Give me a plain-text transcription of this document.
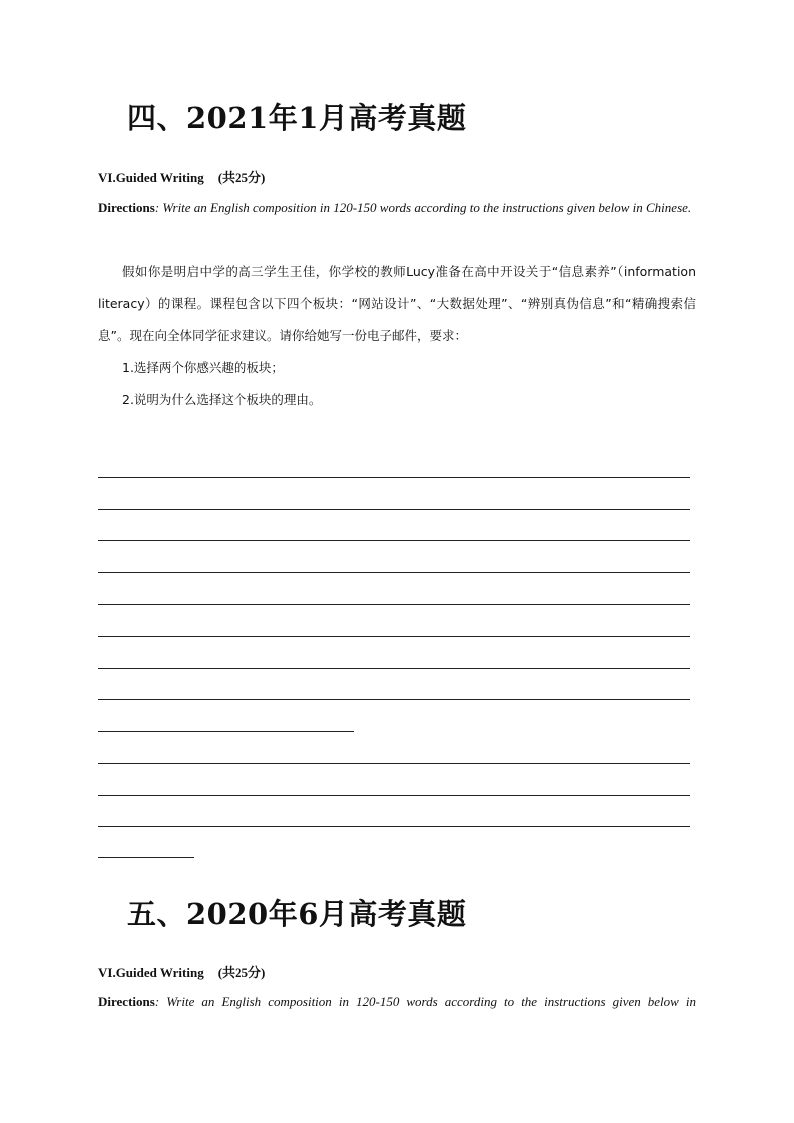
四、2021年1月高考真题
VI.Guided Writing (共25分)
Directions: Write an English composition in 120-150 words according to the instructions given below in Chinese.

假如你是明启中学的高三学生王佳，你学校的教师Lucy准备在高中开设关于“信息素养”（information literacy）的课程。课程包含以下四个板块：“网站设计”、“大数据处理”、“辨别真伪信息”和“精确搜索信息”。现在向全体同学征求建议。请你给她写一份电子邮件，要求：

1.选择两个你感兴趣的板块；

2.说明为什么选择这个板块的理由。

五、2020年6月高考真题
VI.Guided Writing (共25分)
Directions: Write an English composition in 120-150 words according to the instructions given below in
